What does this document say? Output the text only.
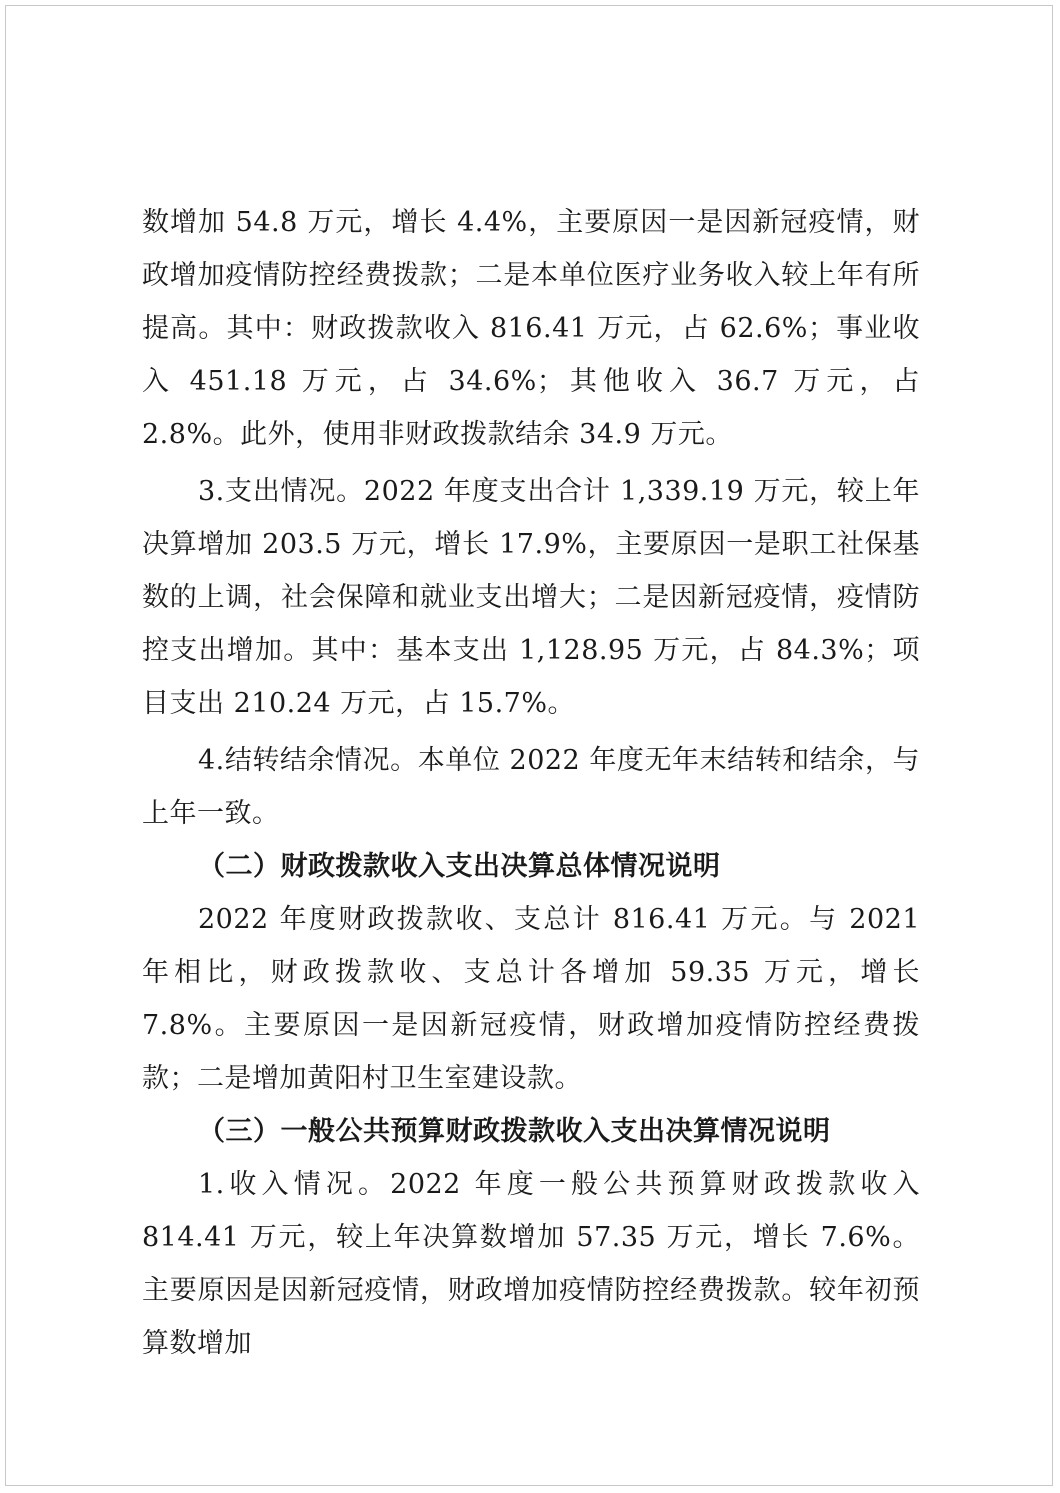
数增加 54.8 万元，增长 4.4%，主要原因一是因新冠疫情，财政增加疫情防控经费拨款；二是本单位医疗业务收入较上年有所提高。其中：财政拨款收入 816.41 万元，占 62.6%；事业收入 451.18 万元，占 34.6%；其他收入 36.7 万元，占 2.8%。此外，使用非财政拨款结余 34.9 万元。

3.支出情况。2022 年度支出合计 1,339.19 万元，较上年决算增加 203.5 万元，增长 17.9%，主要原因一是职工社保基数的上调，社会保障和就业支出增大；二是因新冠疫情，疫情防控支出增加。其中：基本支出 1,128.95 万元，占 84.3%；项目支出 210.24 万元，占 15.7%。

4.结转结余情况。本单位 2022 年度无年末结转和结余，与上年一致。

（二）财政拨款收入支出决算总体情况说明

2022 年度财政拨款收、支总计 816.41 万元。与 2021 年相比，财政拨款收、支总计各增加 59.35 万元，增长 7.8%。主要原因一是因新冠疫情，财政增加疫情防控经费拨款；二是增加黄阳村卫生室建设款。

（三）一般公共预算财政拨款收入支出决算情况说明

1.收入情况。2022 年度一般公共预算财政拨款收入 814.41 万元，较上年决算数增加 57.35 万元，增长 7.6%。主要原因是因新冠疫情，财政增加疫情防控经费拨款。较年初预算数增加
